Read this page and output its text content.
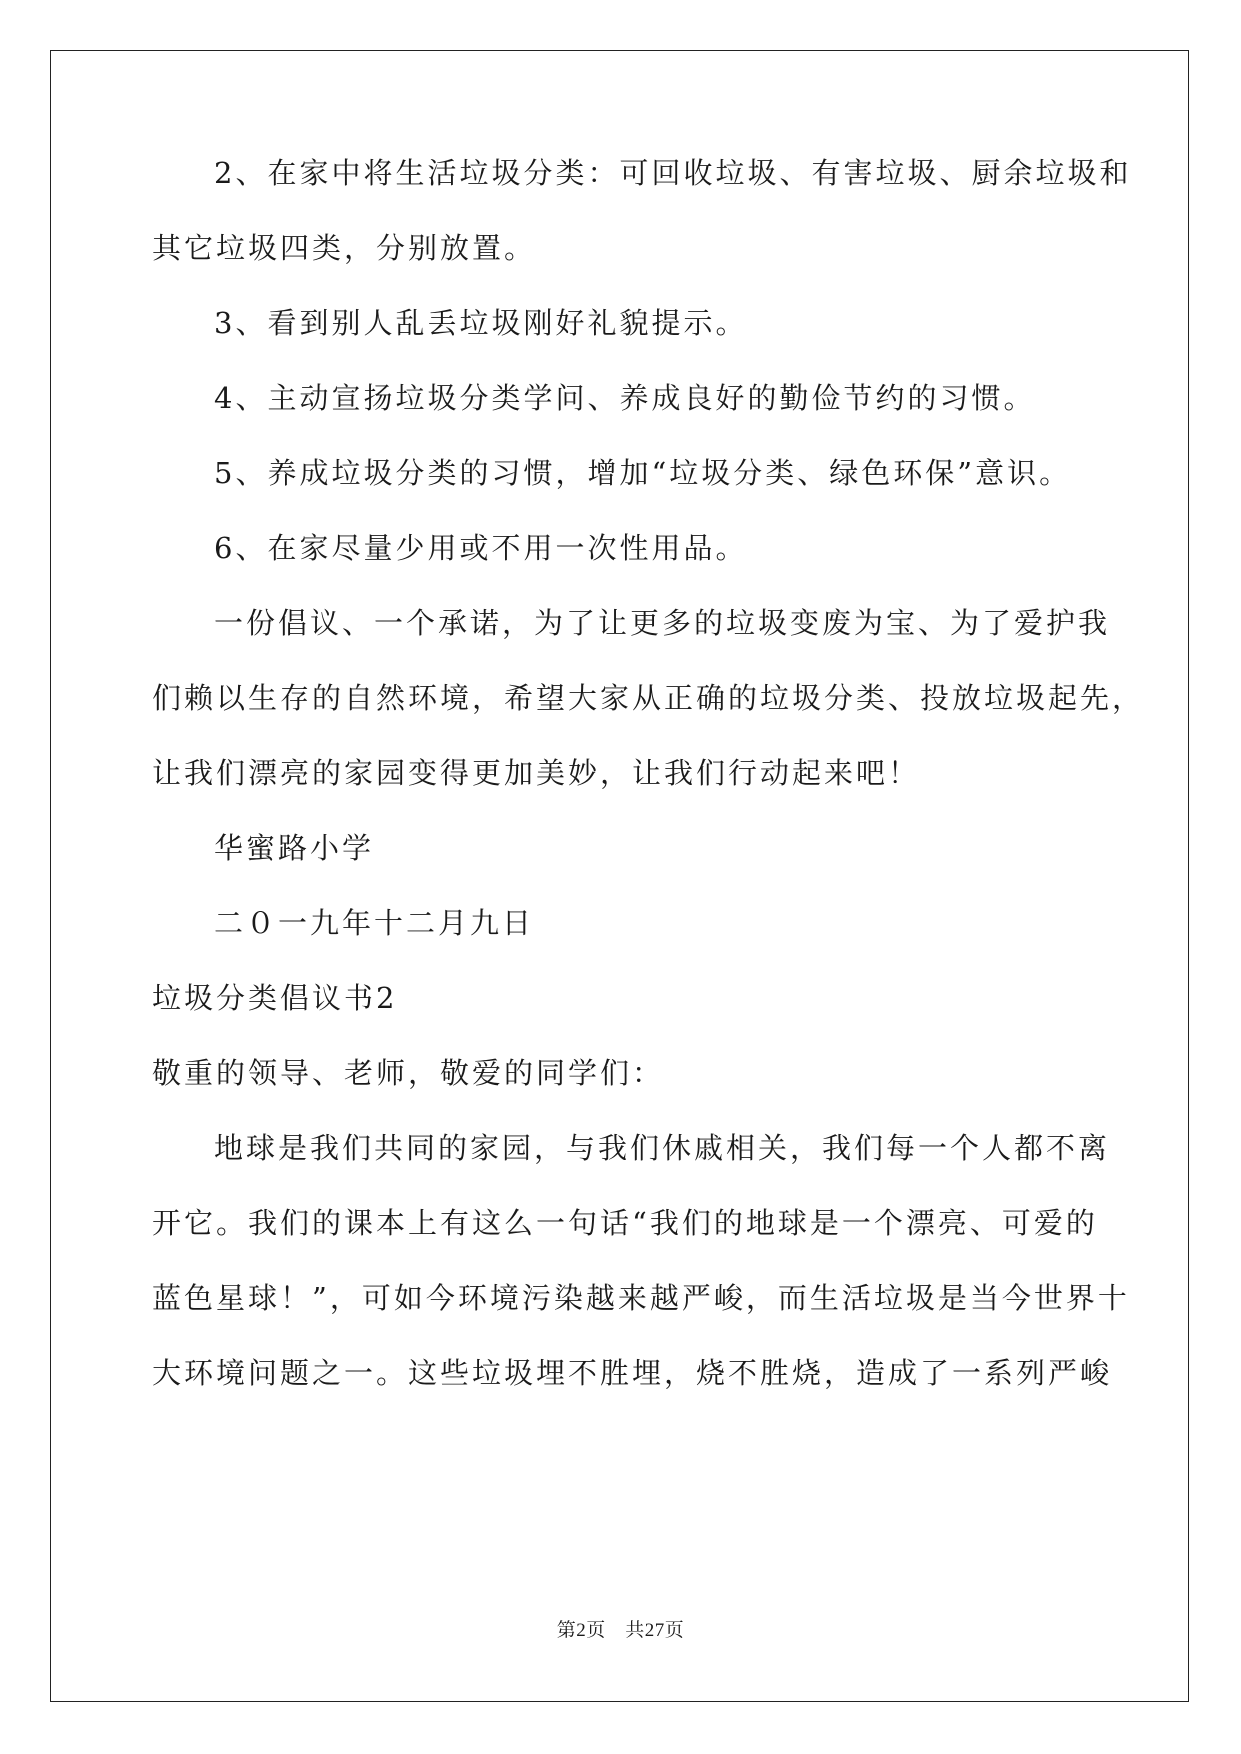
2、在家中将生活垃圾分类：可回收垃圾、有害垃圾、厨余垃圾和
其它垃圾四类，分别放置。
3、看到别人乱丢垃圾刚好礼貌提示。
4、主动宣扬垃圾分类学问、养成良好的勤俭节约的习惯。
5、养成垃圾分类的习惯，增加“垃圾分类、绿色环保”意识。
6、在家尽量少用或不用一次性用品。
一份倡议、一个承诺，为了让更多的垃圾变废为宝、为了爱护我
们赖以生存的自然环境，希望大家从正确的垃圾分类、投放垃圾起先，
让我们漂亮的家园变得更加美妙，让我们行动起来吧！
华蜜路小学
二０一九年十二月九日
垃圾分类倡议书2
敬重的领导、老师，敬爱的同学们：
地球是我们共同的家园，与我们休戚相关，我们每一个人都不离
开它。我们的课本上有这么一句话“我们的地球是一个漂亮、可爱的
蓝色星球！”，可如今环境污染越来越严峻，而生活垃圾是当今世界十
大环境问题之一。这些垃圾埋不胜埋，烧不胜烧，造成了一系列严峻
第2页　共27页
